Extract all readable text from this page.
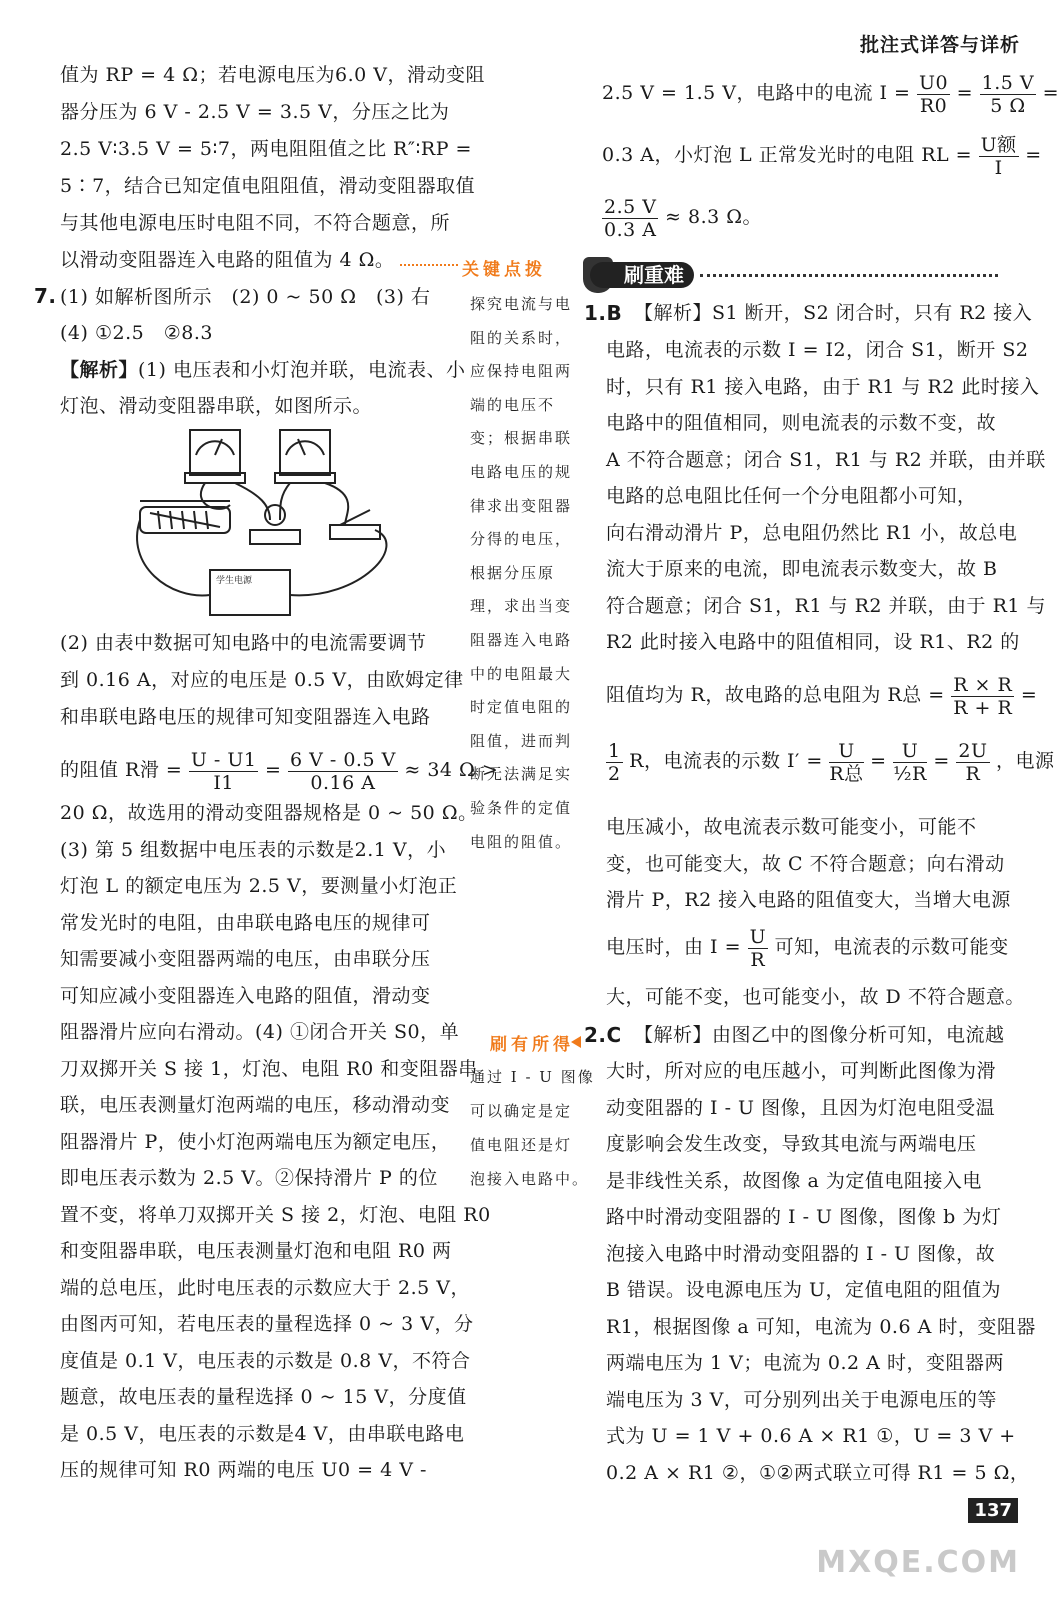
批注式详答与详析
值为 RP = 4 Ω；若电源电压为6.0 V，滑动变阻
器分压为 6 V - 2.5 V = 3.5 V，分压之比为
2.5 V∶3.5 V = 5∶7，两电阻阻值之比 R″∶RP =
5∶7，结合已知定值电阻阻值，滑动变阻器取值
与其他电源电压时电阻不同，不符合题意，所
以滑动变阻器连入电路的阻值为 4 Ω。
7. (1) 如解析图所示　(2) 0 ~ 50 Ω　(3) 右
(4) ①2.5　②8.3
【解析】(1) 电压表和小灯泡并联，电流表、小
灯泡、滑动变阻器串联，如图所示。
学生电源
(2) 由表中数据可知电路中的电流需要调节
到 0.16 A，对应的电压是 0.5 V，由欧姆定律
和串联电路电压的规律可知变阻器连入电路
的阻值 R滑 = $\frac{U - U1}{I1} = \frac{6 V - 0.5 V}{0.16 A} \approx 34$ Ω >
20 Ω，故选用的滑动变阻器规格是 0 ~ 50 Ω。
(3) 第 5 组数据中电压表的示数是2.1 V，小
灯泡 L 的额定电压为 2.5 V，要测量小灯泡正
常发光时的电阻，由串联电路电压的规律可
知需要减小变阻器两端的电压，由串联分压
可知应减小变阻器连入电路的阻值，滑动变
阻器滑片应向右滑动。(4) ①闭合开关 S0，单
刀双掷开关 S 接 1，灯泡、电阻 R0 和变阻器串
联，电压表测量灯泡两端的电压，移动滑动变
阻器滑片 P，使小灯泡两端电压为额定电压，
即电压表示数为 2.5 V。②保持滑片 P 的位
置不变，将单刀双掷开关 S 接 2，灯泡、电阻 R0
和变阻器串联，电压表测量灯泡和电阻 R0 两
端的总电压，此时电压表的示数应大于 2.5 V，
由图丙可知，若电压表的量程选择 0 ~ 3 V，分
度值是 0.1 V，电压表的示数是 0.8 V，不符合
题意，故电压表的量程选择 0 ~ 15 V，分度值
是 0.5 V，电压表的示数是4 V，由串联电路电
压的规律可知 R0 两端的电压 U0 = 4 V -
关键点拨
探究电流与电
阻的关系时，
应保持电阻两
端的电压不
变；根据串联
电路电压的规
律求出变阻器
分得的电压，
根据分压原
理，求出当变
阻器连入电路
中的电阻最大
时定值电阻的
阻值，进而判
断无法满足实
验条件的定值
电阻的阻值。
刷有所得
通过 I - U 图像
可以确定是定
值电阻还是灯
泡接入电路中。
2.5 V = 1.5 V，电路中的电流 $I = \frac{U0}{R0} = \frac{1.5 V}{5 \Omega}$ =
0.3 A，小灯泡 L 正常发光时的电阻 RL = $\frac{\text{U额}}{I}$ =
$\frac{2.5 V}{0.3 A} \approx 8.3$ Ω。
刷重难
1.B 【解析】S1 断开，S2 闭合时，只有 R2 接入
电路，电流表的示数 I = I2，闭合 S1，断开 S2
时，只有 R1 接入电路，由于 R1 与 R2 此时接入
电路中的阻值相同，则电流表的示数不变，故
A 不符合题意；闭合 S1，R1 与 R2 并联，由并联
电路的总电阻比任何一个分电阻都小可知，
向右滑动滑片 P，总电阻仍然比 R1 小，故总电
流大于原来的电流，即电流表示数变大，故 B
符合题意；闭合 S1，R1 与 R2 并联，由于 R1 与
R2 此时接入电路中的阻值相同，设 R1、R2 的
阻值均为 R，故电路的总电阻为 R总 = $\frac{R \times R}{R + R}$ =
$\frac{1}{2}$ R，电流表的示数 $I' = \frac{U}{\text{R总}} = \frac{U}{\text{½R}} = \frac{2U}{R}$ ，电源
电压减小，故电流表示数可能变小，可能不
变，也可能变大，故 C 不符合题意；向右滑动
滑片 P，R2 接入电路的阻值变大，当增大电源
电压时，由 $I = \frac{U}{R}$ 可知，电流表的示数可能变
大，可能不变，也可能变小，故 D 不符合题意。
2.C 【解析】由图乙中的图像分析可知，电流越
大时，所对应的电压越小，可判断此图像为滑
动变阻器的 I - U 图像，且因为灯泡电阻受温
度影响会发生改变，导致其电流与两端电压
是非线性关系，故图像 a 为定值电阻接入电
路中时滑动变阻器的 I - U 图像，图像 b 为灯
泡接入电路中时滑动变阻器的 I - U 图像，故
B 错误。设电源电压为 U，定值电阻的阻值为
R1，根据图像 a 可知，电流为 0.6 A 时，变阻器
两端电压为 1 V；电流为 0.2 A 时，变阻器两
端电压为 3 V，可分别列出关于电源电压的等
式为 U = 1 V + 0.6 A × R1 ①，U = 3 V +
0.2 A × R1 ②，①②两式联立可得 R1 = 5 Ω，
137
MXQE.COM
